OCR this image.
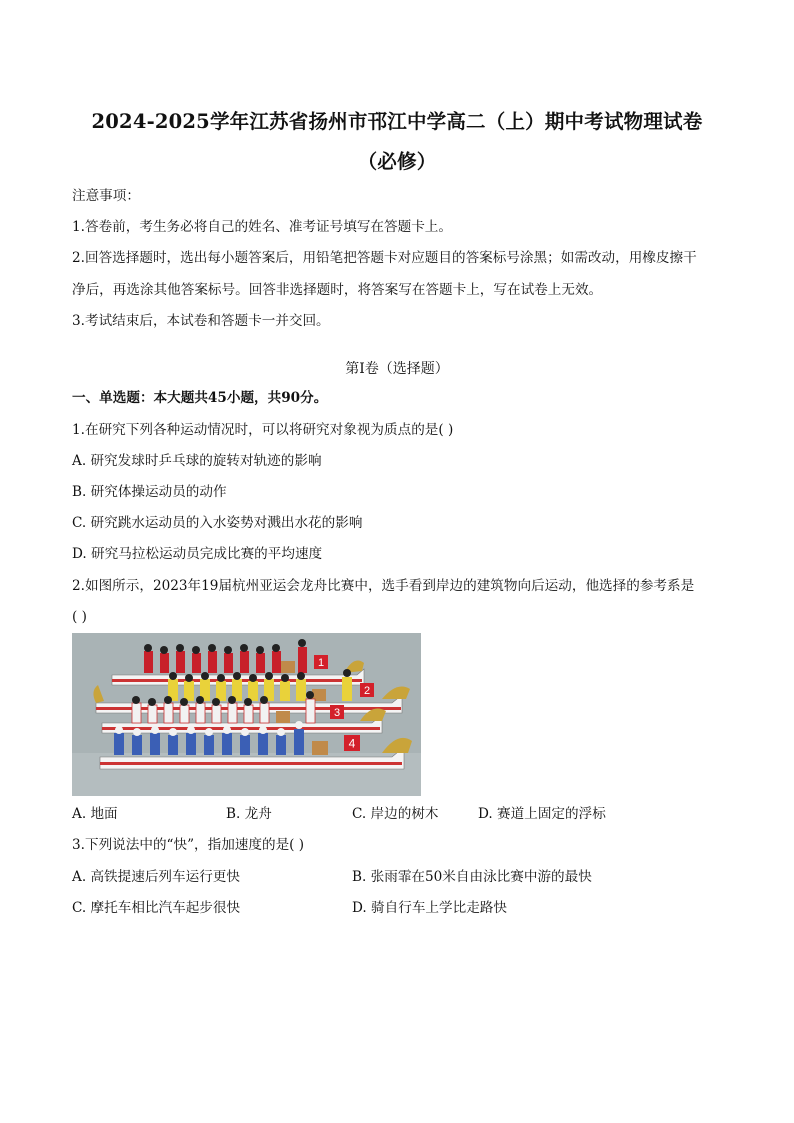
2024-2025学年江苏省扬州市邗江中学高二（上）期中考试物理试卷
（必修）
注意事项：
1.答卷前，考生务必将自己的姓名、准考证号填写在答题卡上。
2.回答选择题时，选出每小题答案后，用铅笔把答题卡对应题目的答案标号涂黑；如需改动，用橡皮擦干
净后，再选涂其他答案标号。回答非选择题时，将答案写在答题卡上，写在试卷上无效。
3.考试结束后，本试卷和答题卡一并交回。
第I卷（选择题）
一、单选题：本大题共45小题，共90分。
1.在研究下列各种运动情况时，可以将研究对象视为质点的是( )
A. 研究发球时乒乓球的旋转对轨迹的影响
B. 研究体操运动员的动作
C. 研究跳水运动员的入水姿势对溅出水花的影响
D. 研究马拉松运动员完成比赛的平均速度
2.如图所示，2023年19届杭州亚运会龙舟比赛中，选手看到岸边的建筑物向后运动，他选择的参考系是
( )
1
2
3
4
A. 地面	B. 龙舟	C. 岸边的树木	D. 赛道上固定的浮标
3.下列说法中的“快”，指加速度的是( )
A. 高铁提速后列车运行更快	B. 张雨霏在50米自由泳比赛中游的最快
C. 摩托车相比汽车起步很快	D. 骑自行车上学比走路快
